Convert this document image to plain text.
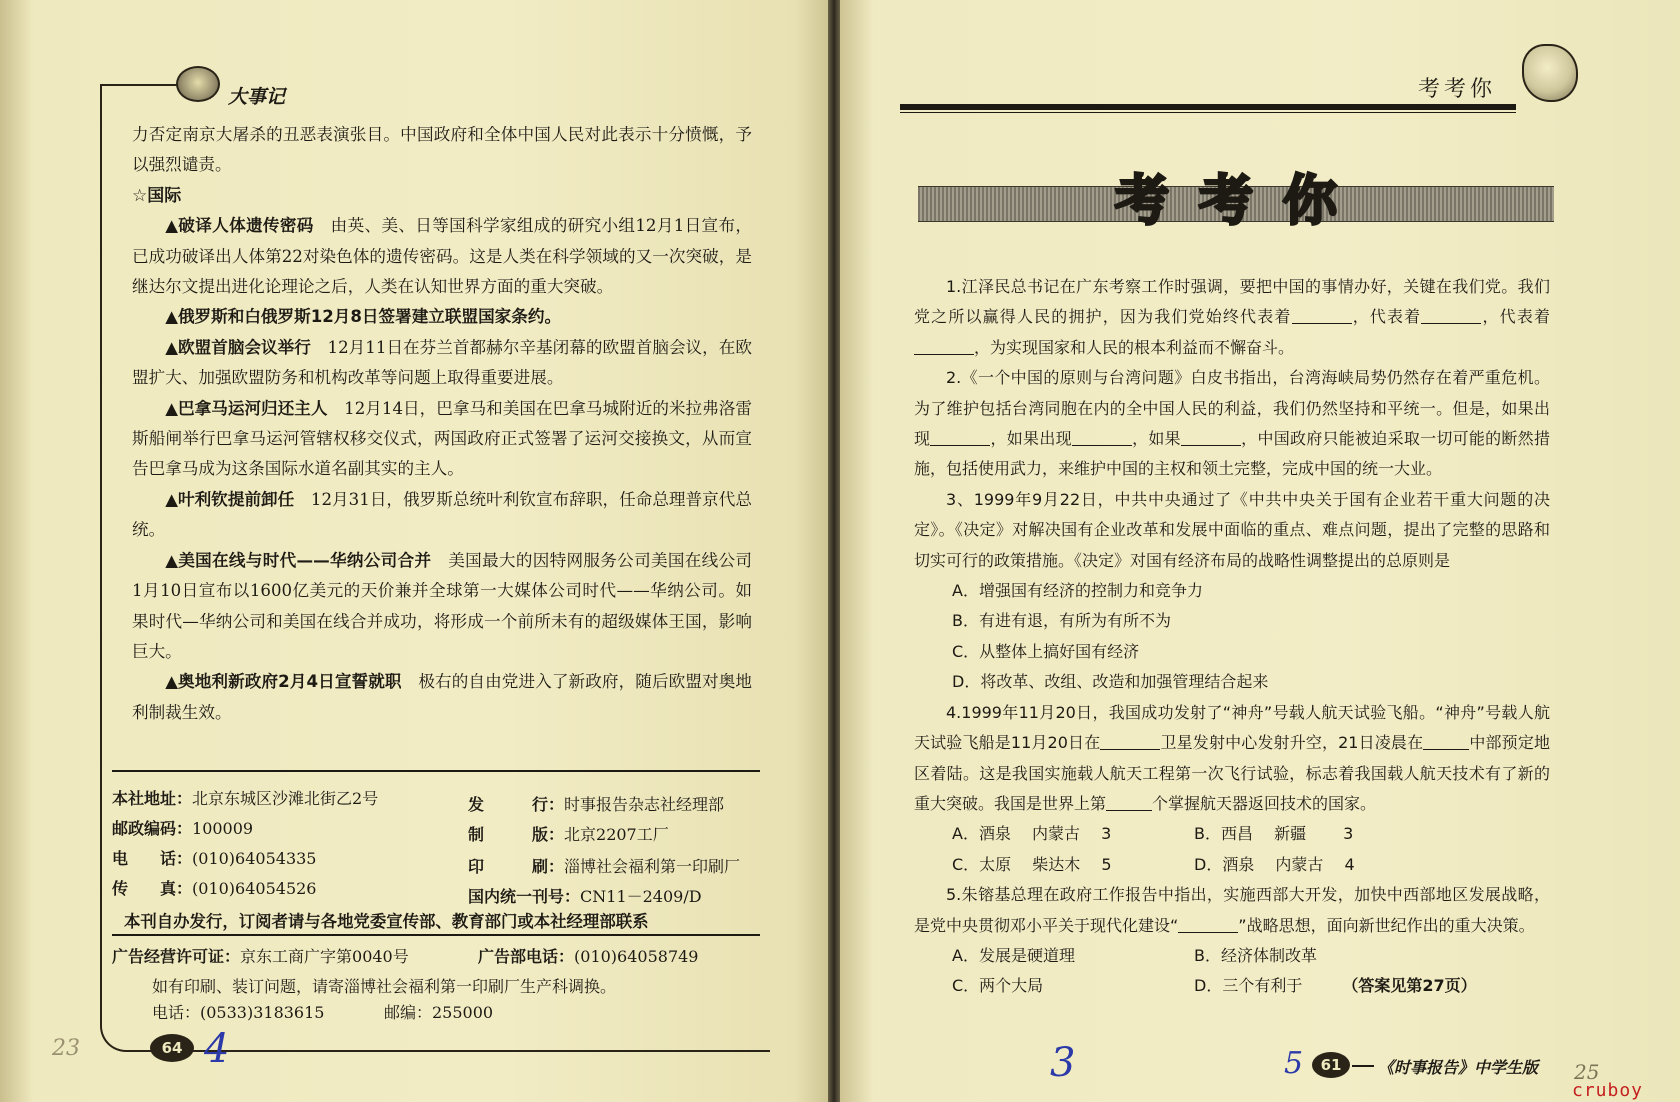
大事记

力否定南京大屠杀的丑恶表演张目。中国政府和全体中国人民对此表示十分愤慨，予以强烈谴责。

☆国际

▲破译人体遗传密码　 由英、美、日等国科学家组成的研究小组12月1日宣布，已成功破译出人体第22对染色体的遗传密码。这是人类在科学领域的又一次突破，是继达尔文提出进化论理论之后，人类在认知世界方面的重大突破。

▲俄罗斯和白俄罗斯12月8日签署建立联盟国家条约。

▲欧盟首脑会议举行　 12月11日在芬兰首都赫尔辛基闭幕的欧盟首脑会议，在欧盟扩大、加强欧盟防务和机构改革等问题上取得重要进展。

▲巴拿马运河归还主人　 12月14日，巴拿马和美国在巴拿马城附近的米拉弗洛雷斯船闸举行巴拿马运河管辖权移交仪式，两国政府正式签署了运河交接换文，从而宣告巴拿马成为这条国际水道名副其实的主人。

▲叶利钦提前卸任　 12月31日，俄罗斯总统叶利钦宣布辞职，任命总理普京代总统。

▲美国在线与时代——华纳公司合并　 美国最大的因特网服务公司美国在线公司1月10日宣布以1600亿美元的天价兼并全球第一大媒体公司时代——华纳公司。如果时代—华纳公司和美国在线合并成功，将形成一个前所未有的超级媒体王国，影响巨大。

▲奥地利新政府2月4日宣誓就职　 极右的自由党进入了新政府，随后欧盟对奥地利制裁生效。

本社地址：北京东城区沙滩北街乙2号
邮政编码：100009
电　　话：(010)64054335
传　　真：(010)64054526
发　　　行：时事报告杂志社经理部
制　　　版：北京2207工厂
印　　　刷：淄博社会福利第一印刷厂
国内统一刊号：CN11－2409/D
本刊自办发行，订阅者请与各地党委宣传部、教育部门或本社经理部联系
广告经营许可证：京东工商广字第0040号	广告部电话：(010)64058749
如有印刷、装订问题，请寄淄博社会福利第一印刷厂生产科调换。
电话：(0533)3183615	邮编：255000
64 4
23
考考你
考考你

1.江泽民总书记在广东考察工作时强调，要把中国的事情办好，关键在我们党。我们党之所以赢得人民的拥护，因为我们党始终代表着	，代表着	，代表着，为实现国家和人民的根本利益而不懈奋斗。

2.《一个中国的原则与台湾问题》白皮书指出，台湾海峡局势仍然存在着严重危机。为了维护包括台湾同胞在内的全中国人民的利益，我们仍然坚持和平统一。但是，如果出现	，如果出现	，如果	，中国政府只能被迫采取一切可能的断然措施，包括使用武力，来维护中国的主权和领土完整，完成中国的统一大业。

3、1999年9月22日，中共中央通过了《中共中央关于国有企业若干重大问题的决定》。《决定》对解决国有企业改革和发展中面临的重点、难点问题，提出了完整的思路和切实可行的政策措施。《决定》对国有经济布局的战略性调整提出的总原则是

A．增强国有经济的控制力和竞争力

B．有进有退，有所为有所不为

C．从整体上搞好国有经济

D．将改革、改组、改造和加强管理结合起来

4.1999年11月20日，我国成功发射了“神舟”号载人航天试验飞船。“神舟”号载人航天试验飞船是11月20日在	卫星发射中心发射升空，21日凌晨在	中部预定地区着陆。这是我国实施载人航天工程第一次飞行试验，标志着我国载人航天技术有了新的重大突破。我国是世界上第	个掌握航天器返回技术的国家。

A．酒泉　 内蒙古　 3	B．西昌　 新疆　　 3
C．太原　 柴达木　 5	D．酒泉　 内蒙古　 4

5.朱镕基总理在政府工作报告中指出，实施西部大开发，加快中西部地区发展战略，是党中央贯彻邓小平关于现代化建设“	”战略思想，面向新世纪作出的重大决策。

A．发展是硬道理	B．经济体制改革
C．两个大局	D．三个有利于　　　	（答案见第27页）
5
3	61	《时事报告》中学生版 25
cruboy
